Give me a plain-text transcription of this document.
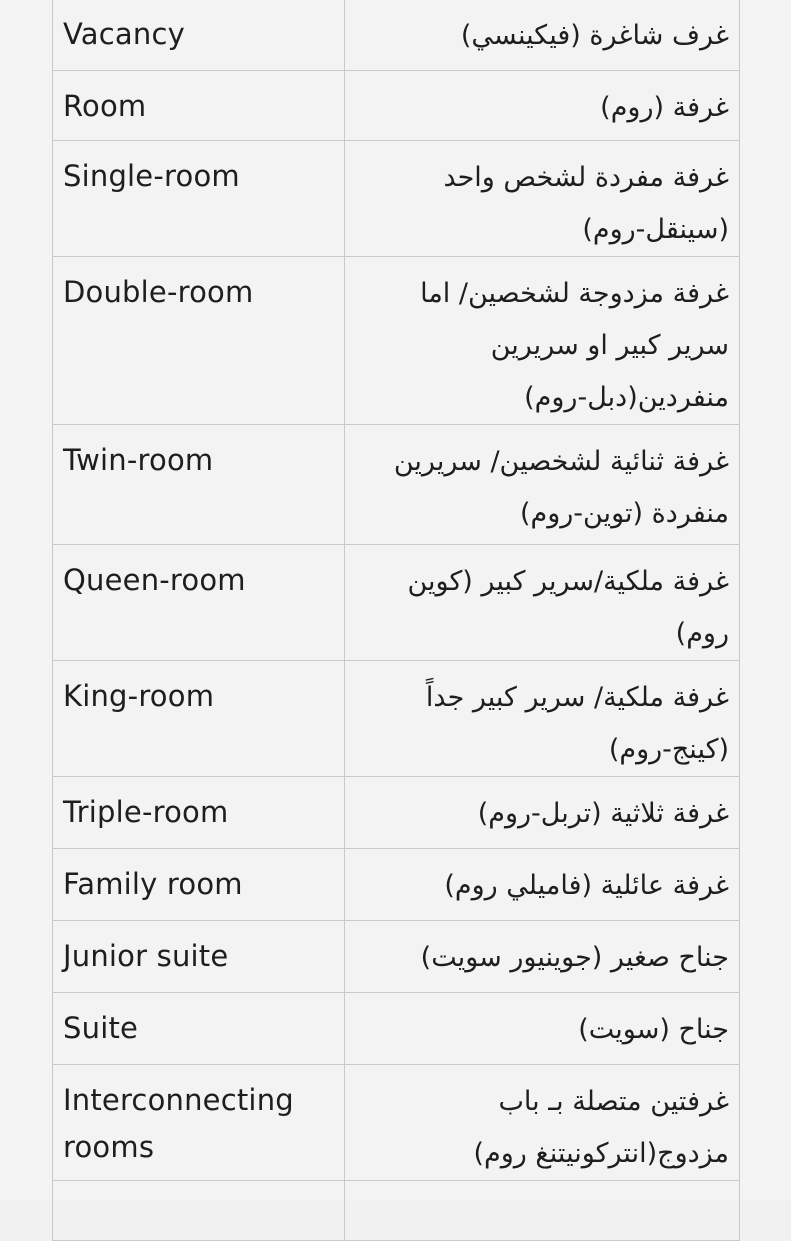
Vacancy	غرف شاغرة (فيكينسي)
Room	غرفة (روم)
Single-room	غرفة مفردة لشخص واحد (سينقل-روم)
Double-room	غرفة مزدوجة لشخصين/ اما سرير كبير او سريرين منفردين(دبل-روم)
Twin-room	غرفة ثنائية لشخصين/ سريرين منفردة (توين-روم)
Queen-room	غرفة ملكية/سرير كبير (كوين روم)
King-room	غرفة ملكية/ سرير كبير جداً (كينج-روم)
Triple-room	غرفة ثلاثية (تربل-روم)
Family room	غرفة عائلية (فاميلي روم)
Junior suite	جناح صغير (جوينيور سويت)
Suite	جناح (سويت)
Interconnecting rooms	غرفتين متصلة بـ باب مزدوج(انتركونيتنغ روم)
